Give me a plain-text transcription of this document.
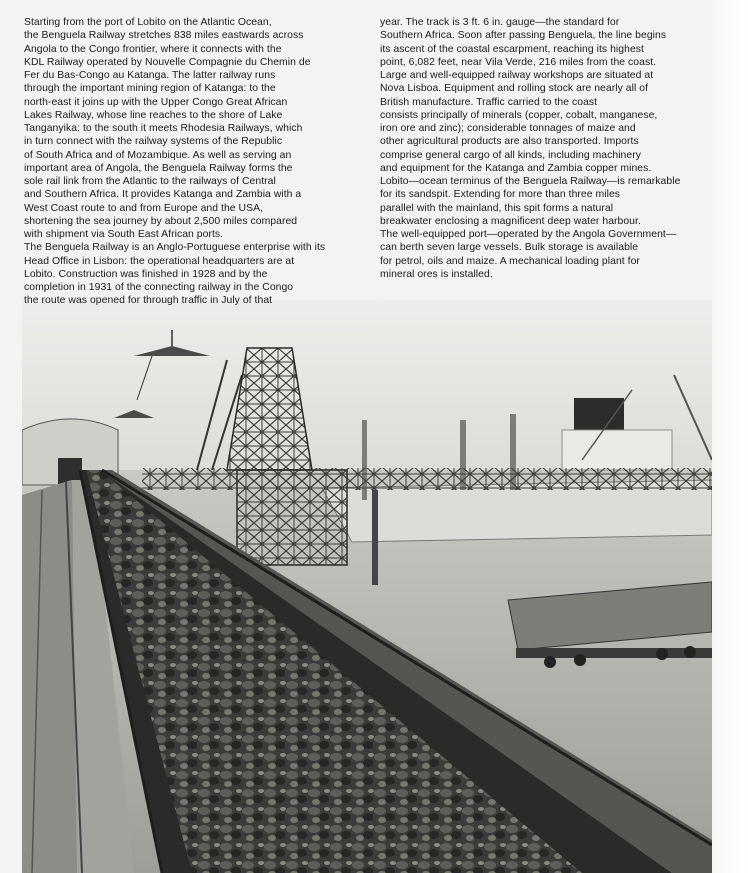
Starting from the port of Lobito on the Atlantic Ocean,
the Benguela Railway stretches 838 miles eastwards across
Angola to the Congo frontier, where it connects with the
KDL Railway operated by Nouvelle Compagnie du Chemin de
Fer du Bas-Congo au Katanga. The latter railway runs
through the important mining region of Katanga: to the
north-east it joins up with the Upper Congo Great African
Lakes Railway, whose line reaches to the shore of Lake
Tanganyika: to the south it meets Rhodesia Railways, which
in turn connect with the railway systems of the Republic
of South Africa and of Mozambique. As well as serving an
important area of Angola, the Benguela Railway forms the
sole rail link from the Atlantic to the railways of Central
and Southern Africa. It provides Katanga and Zambia with a
West Coast route to and from Europe and the USA,
shortening the sea journey by about 2,500 miles compared
with shipment via South East African ports.
The Benguela Railway is an Anglo-Portuguese enterprise with its
Head Office in Lisbon: the operational headquarters are at
Lobito. Construction was finished in 1928 and by the
completion in 1931 of the connecting railway in the Congo
the route was opened for through traffic in July of that
year. The track is 3 ft. 6 in. gauge—the standard for
Southern Africa. Soon after passing Benguela, the line begins
its ascent of the coastal escarpment, reaching its highest
point, 6,082 feet, near Vila Verde, 216 miles from the coast.
Large and well-equipped railway workshops are situated at
Nova Lisboa. Equipment and rolling stock are nearly all of
British manufacture. Traffic carried to the coast
consists principally of minerals (copper, cobalt, manganese,
iron ore and zinc); considerable tonnages of maize and
other agricultural products are also transported. Imports
comprise general cargo of all kinds, including machinery
and equipment for the Katanga and Zambia copper mines.
Lobito—ocean terminus of the Benguela Railway—is remarkable
for its sandspit. Extending for more than three miles
parallel with the mainland, this spit forms a natural
breakwater enclosing a magnificent deep water harbour.
The well-equipped port—operated by the Angola Government—
can berth seven large vessels. Bulk storage is available
for petrol, oils and maize. A mechanical loading plant for
mineral ores is installed.
